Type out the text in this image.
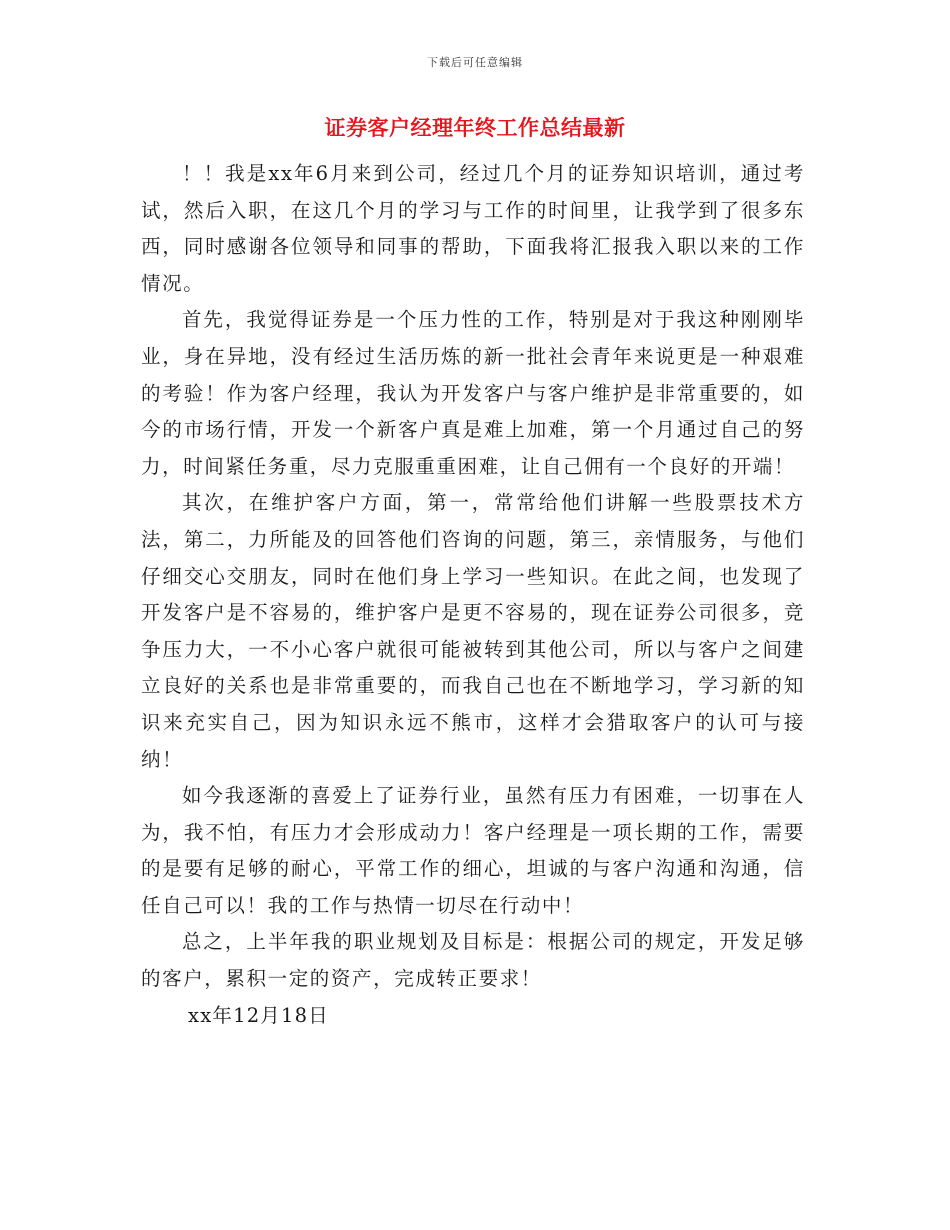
下载后可任意编辑
证券客户经理年终工作总结最新

！！我是xx年6月来到公司，经过几个月的证券知识培训，通过考试，然后入职，在这几个月的学习与工作的时间里，让我学到了很多东西，同时感谢各位领导和同事的帮助，下面我将汇报我入职以来的工作情况。

首先，我觉得证券是一个压力性的工作，特别是对于我这种刚刚毕业，身在异地，没有经过生活历炼的新一批社会青年来说更是一种艰难的考验！作为客户经理，我认为开发客户与客户维护是非常重要的，如今的市场行情，开发一个新客户真是难上加难，第一个月通过自己的努力，时间紧任务重，尽力克服重重困难，让自己佣有一个良好的开端！

其次，在维护客户方面，第一，常常给他们讲解一些股票技术方法，第二，力所能及的回答他们咨询的问题，第三，亲情服务，与他们仔细交心交朋友，同时在他们身上学习一些知识。在此之间，也发现了开发客户是不容易的，维护客户是更不容易的，现在证券公司很多，竞争压力大，一不小心客户就很可能被转到其他公司，所以与客户之间建立良好的关系也是非常重要的，而我自己也在不断地学习，学习新的知识来充实自己，因为知识永远不熊市，这样才会猎取客户的认可与接纳！

如今我逐渐的喜爱上了证券行业，虽然有压力有困难，一切事在人为，我不怕，有压力才会形成动力！客户经理是一项长期的工作，需要的是要有足够的耐心，平常工作的细心，坦诚的与客户沟通和沟通，信任自己可以！我的工作与热情一切尽在行动中！

总之，上半年我的职业规划及目标是：根据公司的规定，开发足够的客户，累积一定的资产，完成转正要求！

xx年12月18日
